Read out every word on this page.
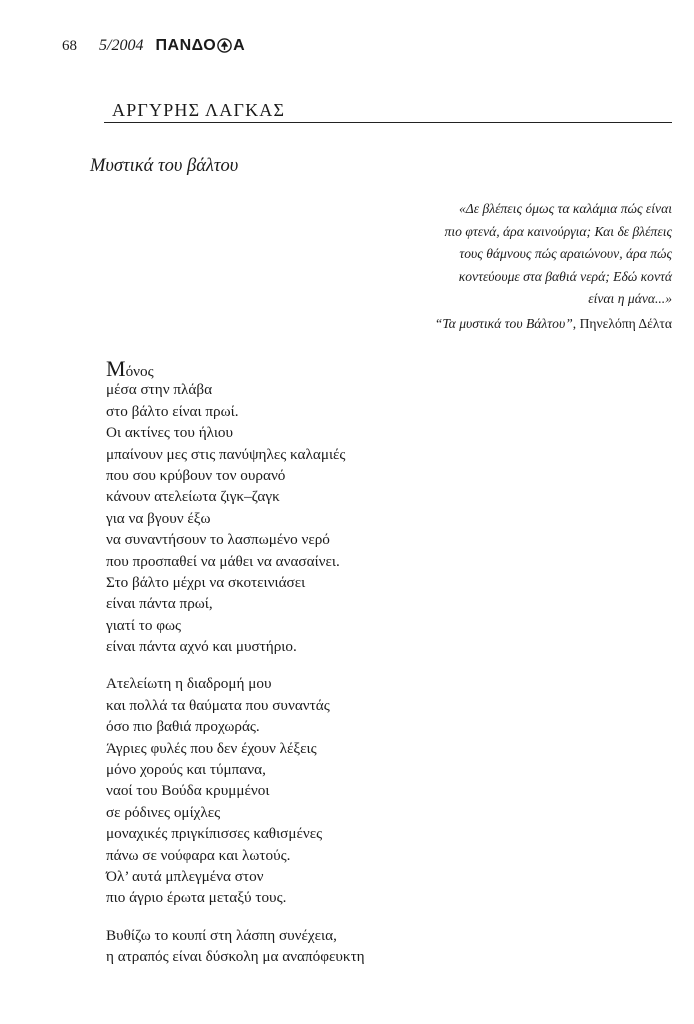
68 5/2004 ΠΑΝΔΟ Α
ΑΡΓΥΡΗΣ ΛΑΓΚΑΣ
Μυστικά του βάλτου
«Δε βλέπεις όμως τα καλάμια πώς είναι
πιο φτενά, άρα καινούργια; Και δε βλέπεις
τους θάμνους πώς αραιώνουν, άρα πώς
κοντεύουμε στα βαθιά νερά; Εδώ κοντά
είναι η μάνα...»
“Τα μυστικά του Βάλτου”, Πηνελόπη Δέλτα
Μόνος
μέσα στην πλάβα
στο βάλτο είναι πρωί.
Οι ακτίνες του ήλιου
μπαίνουν μες στις πανύψηλες καλαμιές
που σου κρύβουν τον ουρανό
κάνουν ατελείωτα ζιγκ–ζαγκ
για να βγουν έξω
να συναντήσουν το λασπωμένο νερό
που προσπαθεί να μάθει να ανασαίνει.
Στο βάλτο μέχρι να σκοτεινιάσει
είναι πάντα πρωί,
γιατί το φως
είναι πάντα αχνό και μυστήριο.
Ατελείωτη η διαδρομή μου
και πολλά τα θαύματα που συναντάς
όσο πιο βαθιά προχωράς.
Άγριες φυλές που δεν έχουν λέξεις
μόνο χορούς και τύμπανα,
ναοί του Βούδα κρυμμένοι
σε ρόδινες ομίχλες
μοναχικές πριγκίπισσες καθισμένες
πάνω σε νούφαρα και λωτούς.
Όλ’ αυτά μπλεγμένα στον
πιο άγριο έρωτα μεταξύ τους.
Βυθίζω το κουπί στη λάσπη συνέχεια,
η ατραπός είναι δύσκολη μα αναπόφευκτη
